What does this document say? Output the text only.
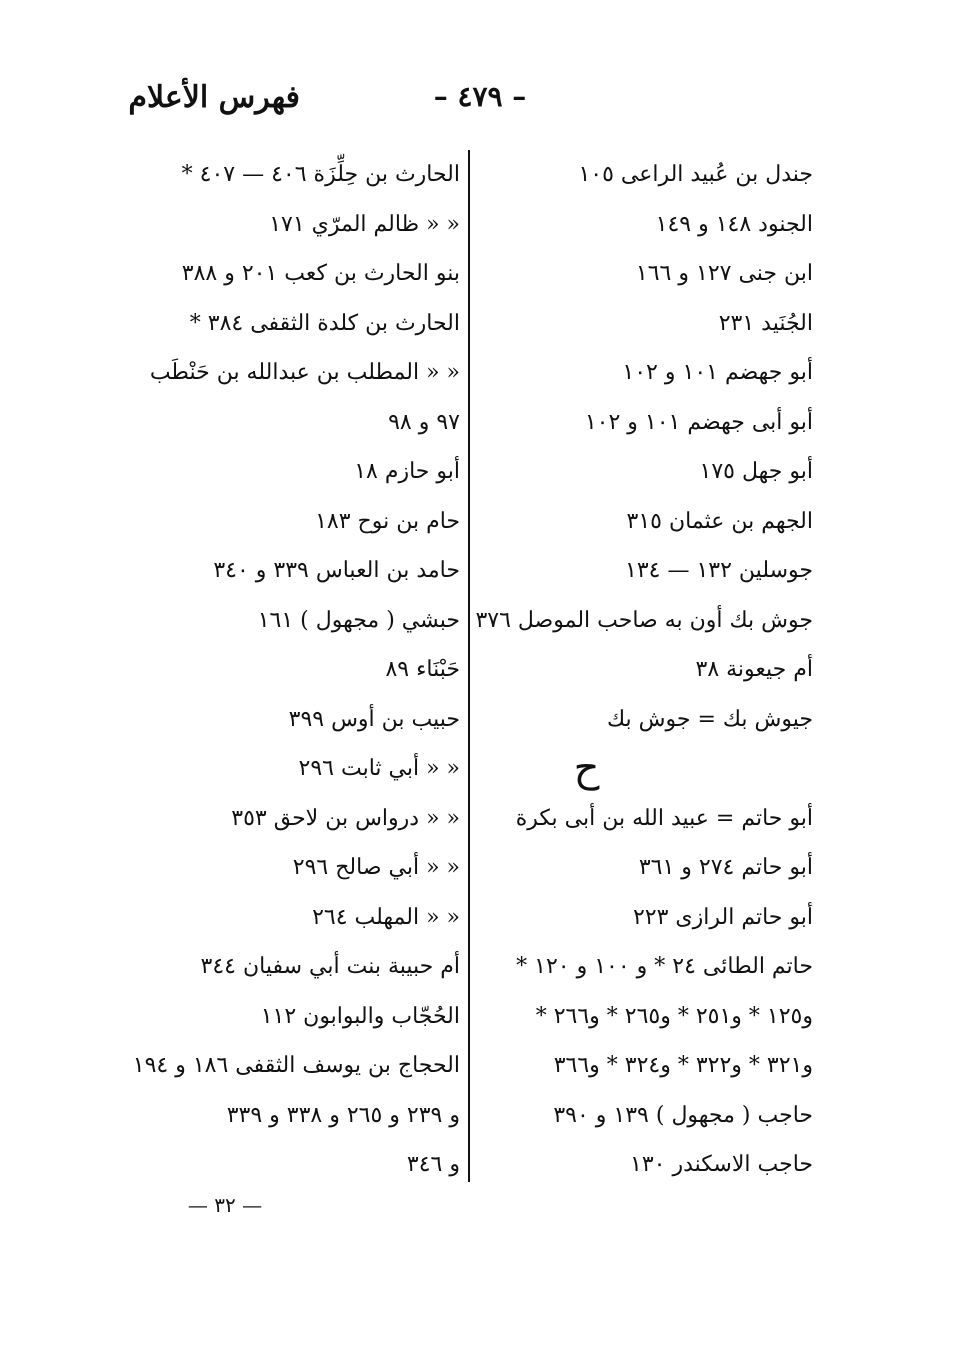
فهرس الأعلام	– ٤٧٩ –
جندل بن عُبيد الراعى ١٠٥
الجنود ١٤٨ و ١٤٩
ابن جنى ١٢٧ و ١٦٦
الجُنَيد ٢٣١
أبو جهضم ١٠١ و ١٠٢
أبو أبى جهضم ١٠١ و ١٠٢
أبو جهل ١٧٥
الجهم بن عثمان ٣١٥
جوسلين ١٣٢ — ١٣٤
جوش بك أون به صاحب الموصل ٣٧٦
أم جيعونة ٣٨
جيوش بك = جوش بك
ح
أبو حاتم = عبيد الله بن أبى بكرة
أبو حاتم ٢٧٤ و ٣٦١
أبو حاتم الرازى ٢٢٣
حاتم الطائى ٢٤ * و ١٠٠ و ١٢٠ *
و١٢٥ * و٢٥١ * و٢٦٥ * و٢٦٦ *
و٣٢١ * و٣٢٢ * و٣٢٤ * و٣٦٦
حاجب ( مجهول ) ١٣٩ و ٣٩٠
حاجب الاسكندر ١٣٠
الحارث بن حِلِّزَة ٤٠٦ — ٤٠٧ *
« « ظالم المرّي ١٧١
بنو الحارث بن كعب ٢٠١ و ٣٨٨
الحارث بن كلدة الثقفى ٣٨٤ *
« « المطلب بن عبدالله بن حَنْطَب
٩٧ و ٩٨
أبو حازم ١٨
حام بن نوح ١٨٣
حامد بن العباس ٣٣٩ و ٣٤٠
حبشي ( مجهول ) ١٦١
حَبْنَاء ٨٩
حبيب بن أوس ٣٩٩
« « أبي ثابت ٢٩٦
« « درواس بن لاحق ٣٥٣
« « أبي صالح ٢٩٦
« « المهلب ٢٦٤
أم حبيبة بنت أبي سفيان ٣٤٤
الحُجّاب والبوابون ١١٢
الحجاج بن يوسف الثقفى ١٨٦ و ١٩٤
و ٢٣٩ و ٢٦٥ و ٣٣٨ و ٣٣٩
و ٣٤٦
— ٣٢ —
